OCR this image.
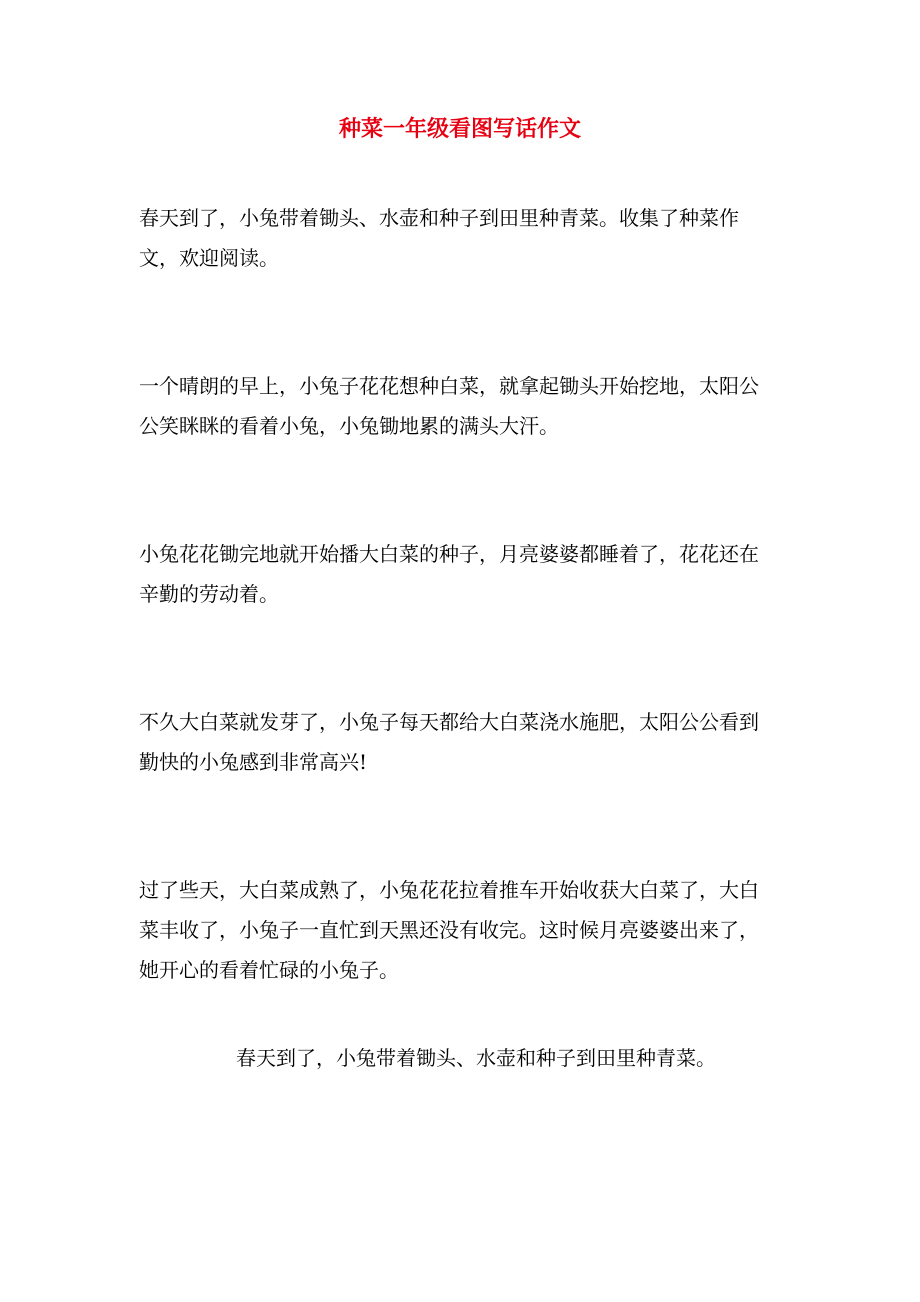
种菜一年级看图写话作文

春天到了，小兔带着锄头、水壶和种子到田里种青菜。收集了种菜作文，欢迎阅读。

一个晴朗的早上，小兔子花花想种白菜，就拿起锄头开始挖地，太阳公公笑眯眯的看着小兔，小兔锄地累的满头大汗。

小兔花花锄完地就开始播大白菜的种子，月亮婆婆都睡着了，花花还在辛勤的劳动着。

不久大白菜就发芽了，小兔子每天都给大白菜浇水施肥，太阳公公看到勤快的小兔感到非常高兴!

过了些天，大白菜成熟了，小兔花花拉着推车开始收获大白菜了，大白菜丰收了，小兔子一直忙到天黑还没有收完。这时候月亮婆婆出来了，她开心的看着忙碌的小兔子。

春天到了，小兔带着锄头、水壶和种子到田里种青菜。
